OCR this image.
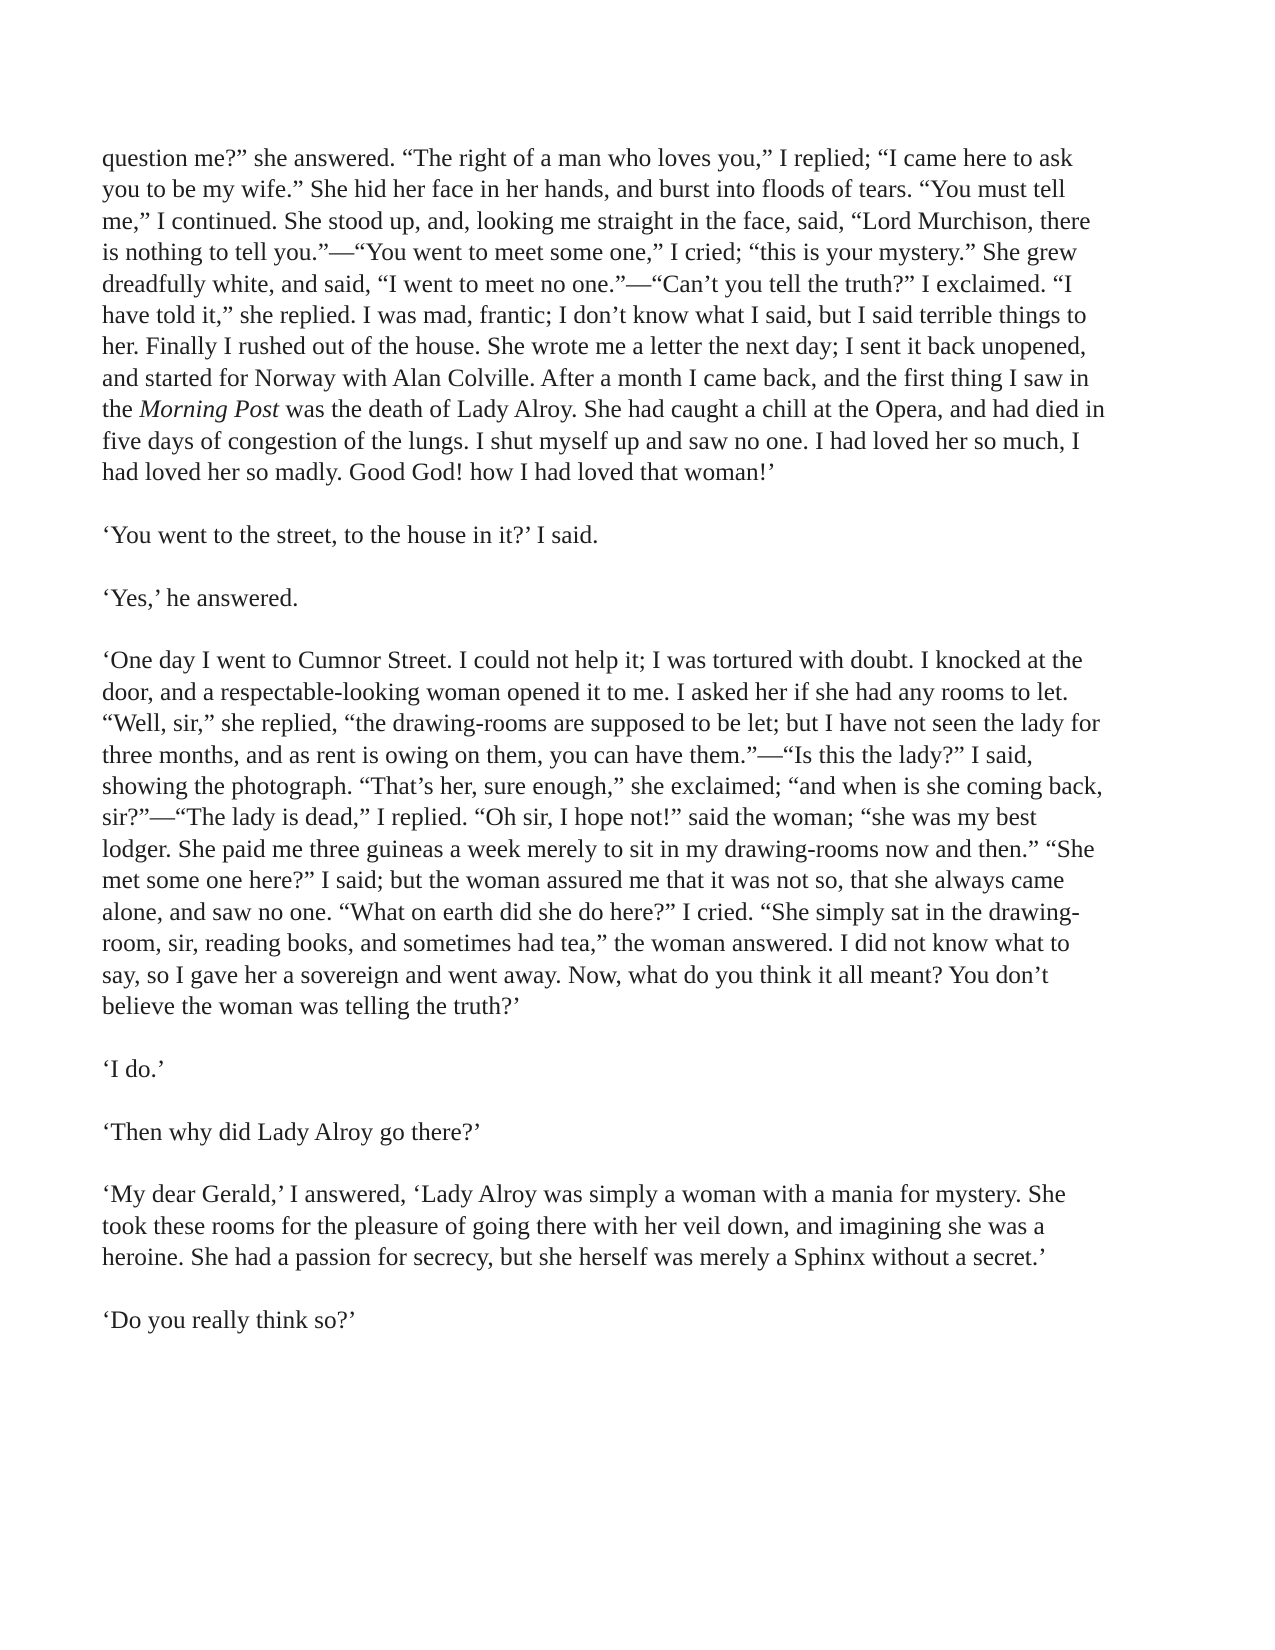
question me?” she answered. “The right of a man who loves you,” I replied; “I came here to ask you to be my wife.” She hid her face in her hands, and burst into floods of tears. “You must tell me,” I continued. She stood up, and, looking me straight in the face, said, “Lord Murchison, there is nothing to tell you.”—“You went to meet some one,” I cried; “this is your mystery.” She grew dreadfully white, and said, “I went to meet no one.”—“Can’t you tell the truth?” I exclaimed. “I have told it,” she replied. I was mad, frantic; I don’t know what I said, but I said terrible things to her. Finally I rushed out of the house. She wrote me a letter the next day; I sent it back unopened, and started for Norway with Alan Colville. After a month I came back, and the first thing I saw in the Morning Post was the death of Lady Alroy. She had caught a chill at the Opera, and had died in five days of congestion of the lungs. I shut myself up and saw no one. I had loved her so much, I had loved her so madly. Good God! how I had loved that woman!’

‘You went to the street, to the house in it?’ I said.

‘Yes,’ he answered.

‘One day I went to Cumnor Street. I could not help it; I was tortured with doubt. I knocked at the door, and a respectable-looking woman opened it to me. I asked her if she had any rooms to let. “Well, sir,” she replied, “the drawing-rooms are supposed to be let; but I have not seen the lady for three months, and as rent is owing on them, you can have them.”—“Is this the lady?” I said, showing the photograph. “That’s her, sure enough,” she exclaimed; “and when is she coming back, sir?”—“The lady is dead,” I replied. “Oh sir, I hope not!” said the woman; “she was my best lodger. She paid me three guineas a week merely to sit in my drawing-rooms now and then.” “She met some one here?” I said; but the woman assured me that it was not so, that she always came alone, and saw no one. “What on earth did she do here?” I cried. “She simply sat in the drawing-room, sir, reading books, and sometimes had tea,” the woman answered. I did not know what to say, so I gave her a sovereign and went away. Now, what do you think it all meant? You don’t believe the woman was telling the truth?’

‘I do.’

‘Then why did Lady Alroy go there?’

‘My dear Gerald,’ I answered, ‘Lady Alroy was simply a woman with a mania for mystery. She took these rooms for the pleasure of going there with her veil down, and imagining she was a heroine. She had a passion for secrecy, but she herself was merely a Sphinx without a secret.’

‘Do you really think so?’
